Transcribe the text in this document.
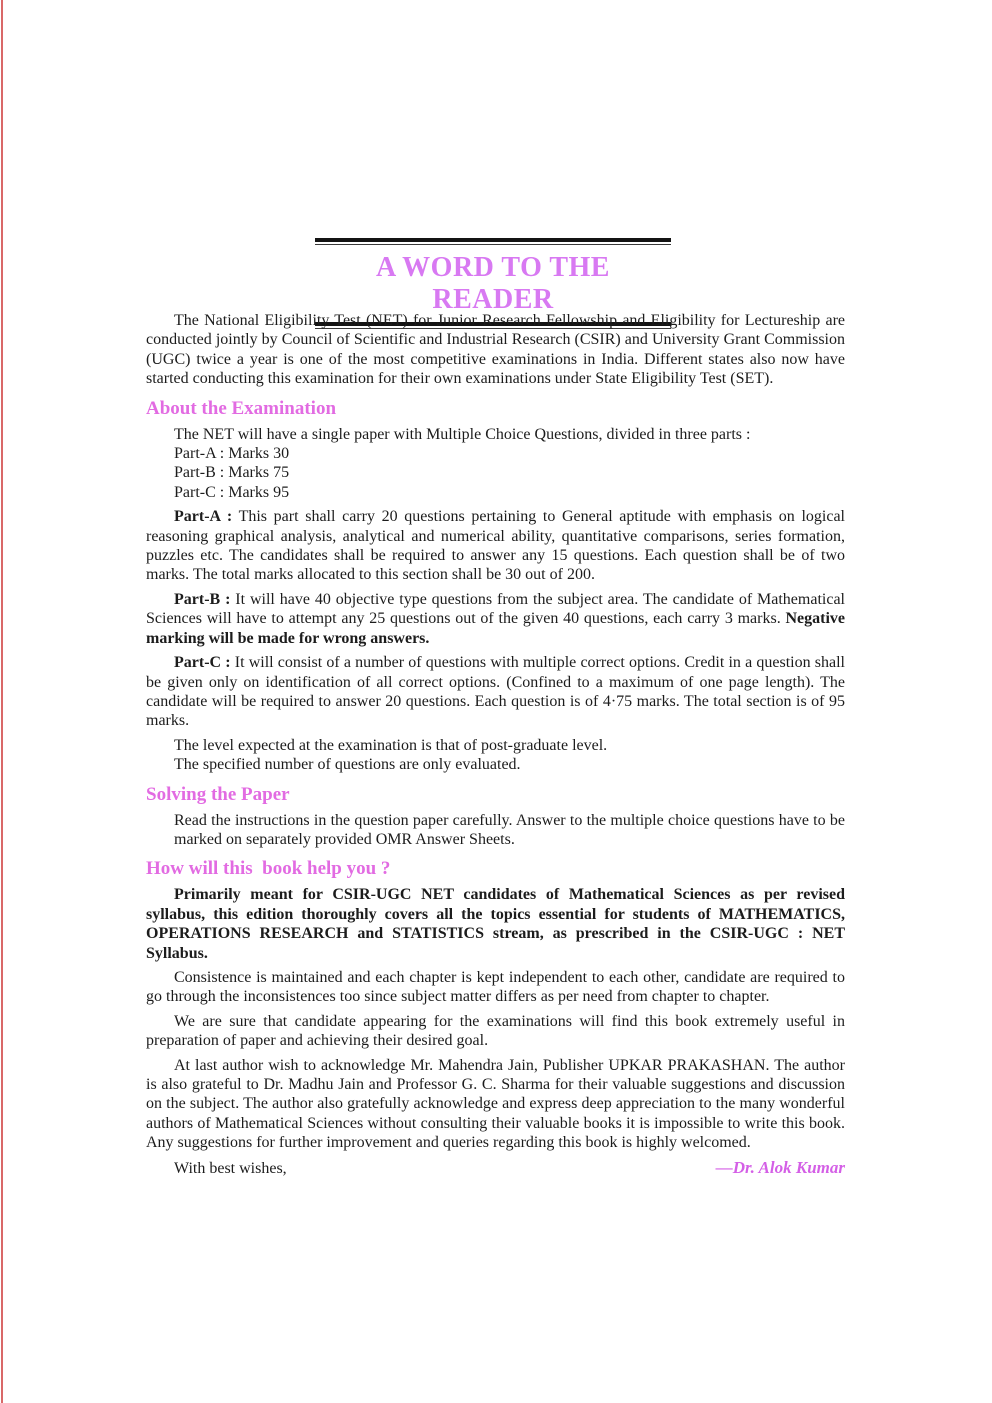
A WORD TO THE READER

The National Eligibility Test (NET) for Junior Research Fellowship and Eligibility for Lectureship are conducted jointly by Council of Scientific and Industrial Research (CSIR) and University Grant Commission (UGC) twice a year is one of the most competitive examinations in India. Different states also now have started conducting this examination for their own examinations under State Eligibility Test (SET).

About the Examination

The NET will have a single paper with Multiple Choice Questions, divided in three parts :

Part-A : Marks 30

Part-B : Marks 75

Part-C : Marks 95

Part-A : This part shall carry 20 questions pertaining to General aptitude with emphasis on logical reasoning graphical analysis, analytical and numerical ability, quantitative comparisons, series formation, puzzles etc. The candidates shall be required to answer any 15 questions. Each question shall be of two marks. The total marks allocated to this section shall be 30 out of 200.

Part-B : It will have 40 objective type questions from the subject area. The candidate of Mathematical Sciences will have to attempt any 25 questions out of the given 40 questions, each carry 3 marks. Negative marking will be made for wrong answers.

Part-C : It will consist of a number of questions with multiple correct options. Credit in a question shall be given only on identification of all correct options. (Confined to a maximum of one page length). The candidate will be required to answer 20 questions. Each question is of 4·75 marks. The total section is of 95 marks.

The level expected at the examination is that of post-graduate level.

The specified number of questions are only evaluated.

Solving the Paper

Read the instructions in the question paper carefully. Answer to the multiple choice questions have to be marked on separately provided OMR Answer Sheets.

How will this  book help you ?

Primarily meant for CSIR-UGC NET candidates of Mathematical Sciences as per revised syllabus, this edition thoroughly covers all the topics essential for students of MATHEMATICS, OPERATIONS RESEARCH and STATISTICS stream, as prescribed in the CSIR-UGC : NET Syllabus.

Consistence is maintained and each chapter is kept independent to each other, candidate are required to go through the inconsistences too since subject matter differs as per need from chapter to chapter.

We are sure that candidate appearing for the examinations will find this book extremely useful in preparation of paper and achieving their desired goal.

At last author wish to acknowledge Mr. Mahendra Jain, Publisher UPKAR PRAKASHAN. The author is also grateful to Dr. Madhu Jain and Professor G. C. Sharma for their valuable suggestions and discussion on the subject. The author also gratefully acknowledge and express deep appreciation to the many wonderful authors of Mathematical Sciences without consulting their valuable books it is impossible to write this book. Any suggestions for further improvement and queries regarding this book is highly welcomed.

With best wishes,	—Dr. Alok Kumar
